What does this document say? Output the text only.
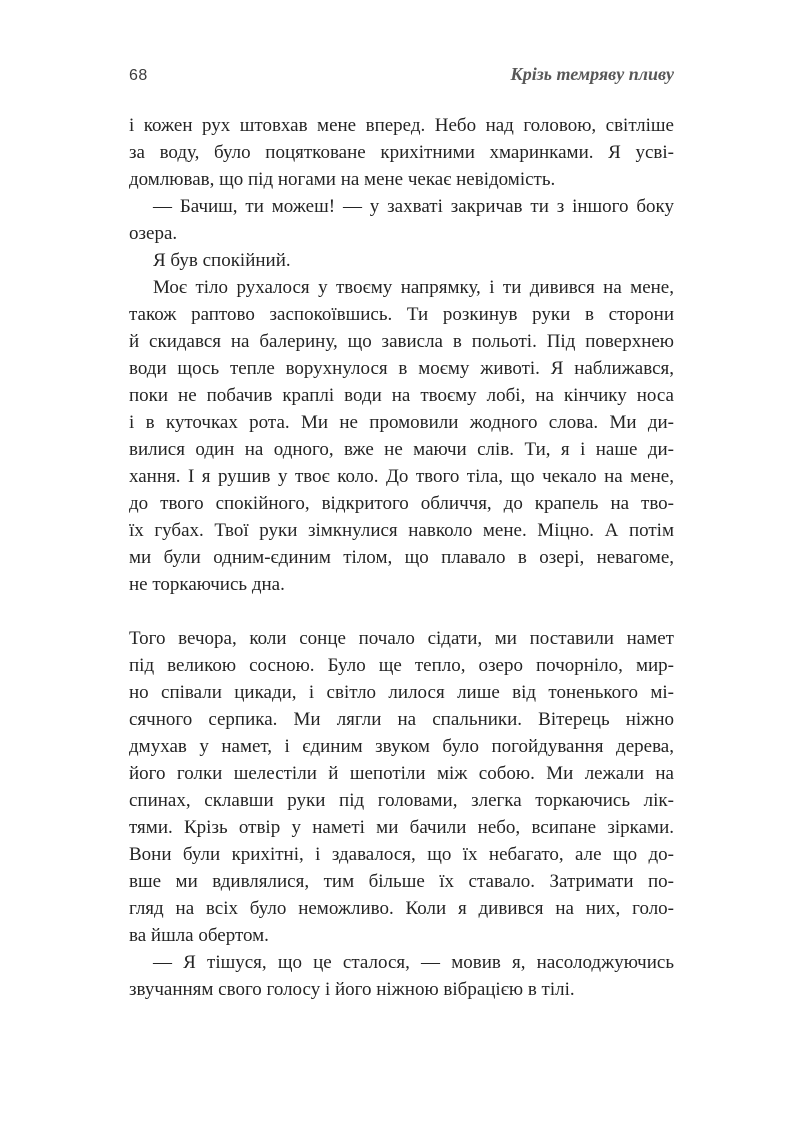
68	Крізь темряву пливу
і кожен рух штовхав мене вперед. Небо над головою, світліше
за воду, було поцятковане крихітними хмаринками. Я усві-
домлював, що під ногами на мене чекає невідомість.
— Бачиш, ти можеш! — у захваті закричав ти з іншого боку
озера.
Я був спокійний.
Моє тіло рухалося у твоєму напрямку, і ти дивився на мене,
також раптово заспокоївшись. Ти розкинув руки в сторони
й скидався на балерину, що зависла в польоті. Під поверхнею
води щось тепле ворухнулося в моєму животі. Я наближався,
поки не побачив краплі води на твоєму лобі, на кінчику носа
і в куточках рота. Ми не промовили жодного слова. Ми ди-
вилися один на одного, вже не маючи слів. Ти, я і наше ди-
хання. І я рушив у твоє коло. До твого тіла, що чекало на мене,
до твого спокійного, відкритого обличчя, до крапель на тво-
їх губах. Твої руки зімкнулися навколо мене. Міцно. А потім
ми були одним-єдиним тілом, що плавало в озері, невагоме,
не торкаючись дна.
Того вечора, коли сонце почало сідати, ми поставили намет
під великою сосною. Було ще тепло, озеро почорніло, мир-
но співали цикади, і світло лилося лише від тоненького мі-
сячного серпика. Ми лягли на спальники. Вітерець ніжно
дмухав у намет, і єдиним звуком було погойдування дерева,
його голки шелестіли й шепотіли між собою. Ми лежали на
спинах, склавши руки під головами, злегка торкаючись лік-
тями. Крізь отвір у наметі ми бачили небо, всипане зірками.
Вони були крихітні, і здавалося, що їх небагато, але що до-
вше ми вдивлялися, тим більше їх ставало. Затримати по-
гляд на всіх було неможливо. Коли я дивився на них, голо-
ва йшла обертом.
— Я тішуся, що це сталося, — мовив я, насолоджуючись
звучанням свого голосу і його ніжною вібрацією в тілі.
